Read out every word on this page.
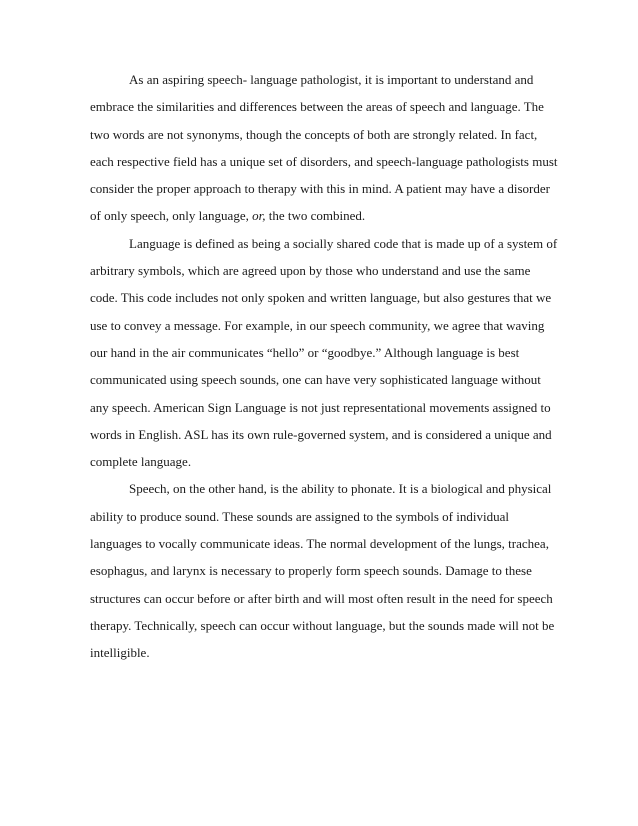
As an aspiring speech- language pathologist, it is important to understand and
embrace the similarities and differences between the areas of speech and language. The
two words are not synonyms, though the concepts of both are strongly related. In fact,
each respective field has a unique set of disorders, and speech-language pathologists must
consider the proper approach to therapy with this in mind. A patient may have a disorder
of only speech, only language, or, the two combined.
Language is defined as being a socially shared code that is made up of a system of
arbitrary symbols, which are agreed upon by those who understand and use the same
code. This code includes not only spoken and written language, but also gestures that we
use to convey a message. For example, in our speech community, we agree that waving
our hand in the air communicates “hello” or “goodbye.” Although language is best
communicated using speech sounds, one can have very sophisticated language without
any speech. American Sign Language is not just representational movements assigned to
words in English. ASL has its own rule-governed system, and is considered a unique and
complete language.
Speech, on the other hand, is the ability to phonate. It is a biological and physical
ability to produce sound. These sounds are assigned to the symbols of individual
languages to vocally communicate ideas. The normal development of the lungs, trachea,
esophagus, and larynx is necessary to properly form speech sounds. Damage to these
structures can occur before or after birth and will most often result in the need for speech
therapy. Technically, speech can occur without language, but the sounds made will not be
intelligible.
